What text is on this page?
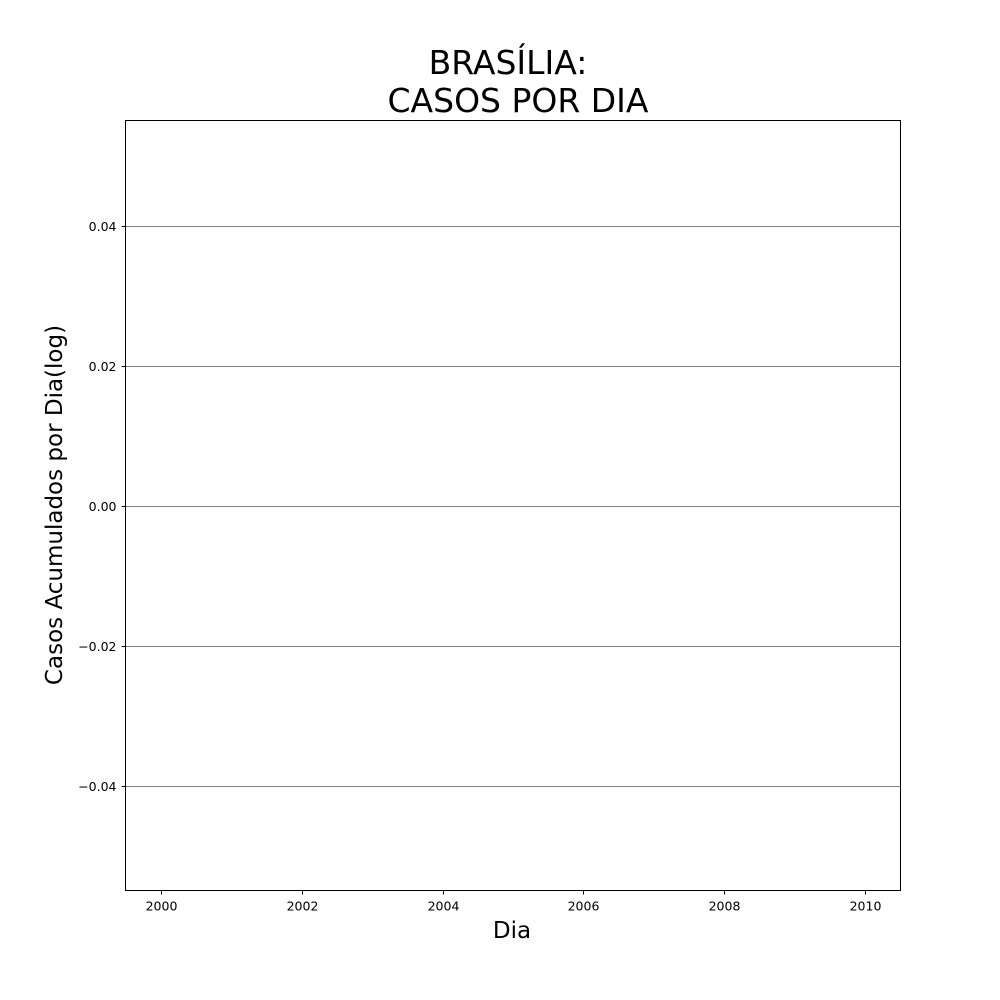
BRASÍLIA:
CASOS POR DIA
2000	2002	2004	2006	2008	2010
0.04
0.02
0.00
−0.02
−0.04
Dia
Casos Acumulados por Dia(log)
